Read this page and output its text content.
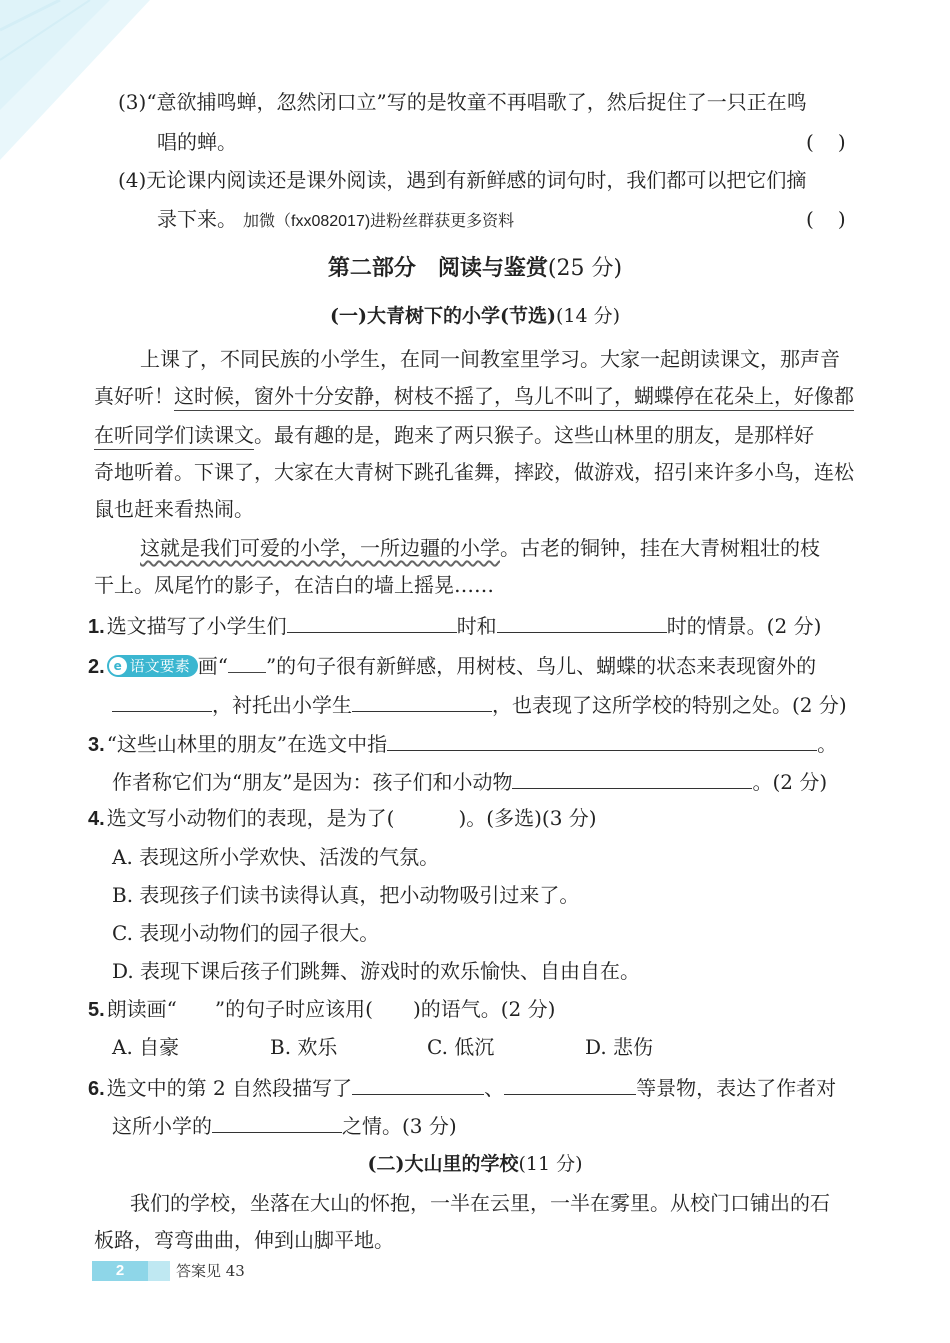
(3)“意欲捕鸣蝉，忽然闭口立”写的是牧童不再唱歌了，然后捉住了一只正在鸣
唱的蝉。	( )
(4)无论课内阅读还是课外阅读，遇到有新鲜感的词句时，我们都可以把它们摘
录下来。 加微（fxx082017)进粉丝群获更多资料	( )
第二部分　阅读与鉴赏(25 分)
(一)大青树下的小学(节选)(14 分)
上课了，不同民族的小学生，在同一间教室里学习。大家一起朗读课文，那声音
真好听！这时候，窗外十分安静，树枝不摇了，鸟儿不叫了，蝴蝶停在花朵上，好像都
在听同学们读课文。最有趣的是，跑来了两只猴子。这些山林里的朋友，是那样好
奇地听着。下课了，大家在大青树下跳孔雀舞，摔跤，做游戏，招引来许多小鸟，连松
鼠也赶来看热闹。
这就是我们可爱的小学，一所边疆的小学。古老的铜钟，挂在大青树粗壮的枝
干上。凤尾竹的影子，在洁白的墙上摇晃……
1. 选文描写了小学生们	时和	时的情景。(2 分)
2. e 语文要素 画“ ”的句子很有新鲜感，用树枝、鸟儿、蝴蝶的状态来表现窗外的
，衬托出小学生	，也表现了这所学校的特别之处。(2 分)
3. “这些山林里的朋友”在选文中指	。
作者称它们为“朋友”是因为：孩子们和小动物	。(2 分)
4. 选文写小动物们的表现，是为了(	)。(多选)(3 分)
A. 表现这所小学欢快、活泼的气氛。
B. 表现孩子们读书读得认真，把小动物吸引过来了。
C. 表现小动物们的园子很大。
D. 表现下课后孩子们跳舞、游戏时的欢乐愉快、自由自在。
5. 朗读画“ ”的句子时应该用( )的语气。(2 分)
A. 自豪	B. 欢乐	C. 低沉	D. 悲伤
6. 选文中的第 2 自然段描写了	、	等景物，表达了作者对
这所小学的	之情。(3 分)
(二)大山里的学校(11 分)
我们的学校，坐落在大山的怀抱，一半在云里，一半在雾里。从校门口铺出的石
板路，弯弯曲曲，伸到山脚平地。
2	答案见 43
